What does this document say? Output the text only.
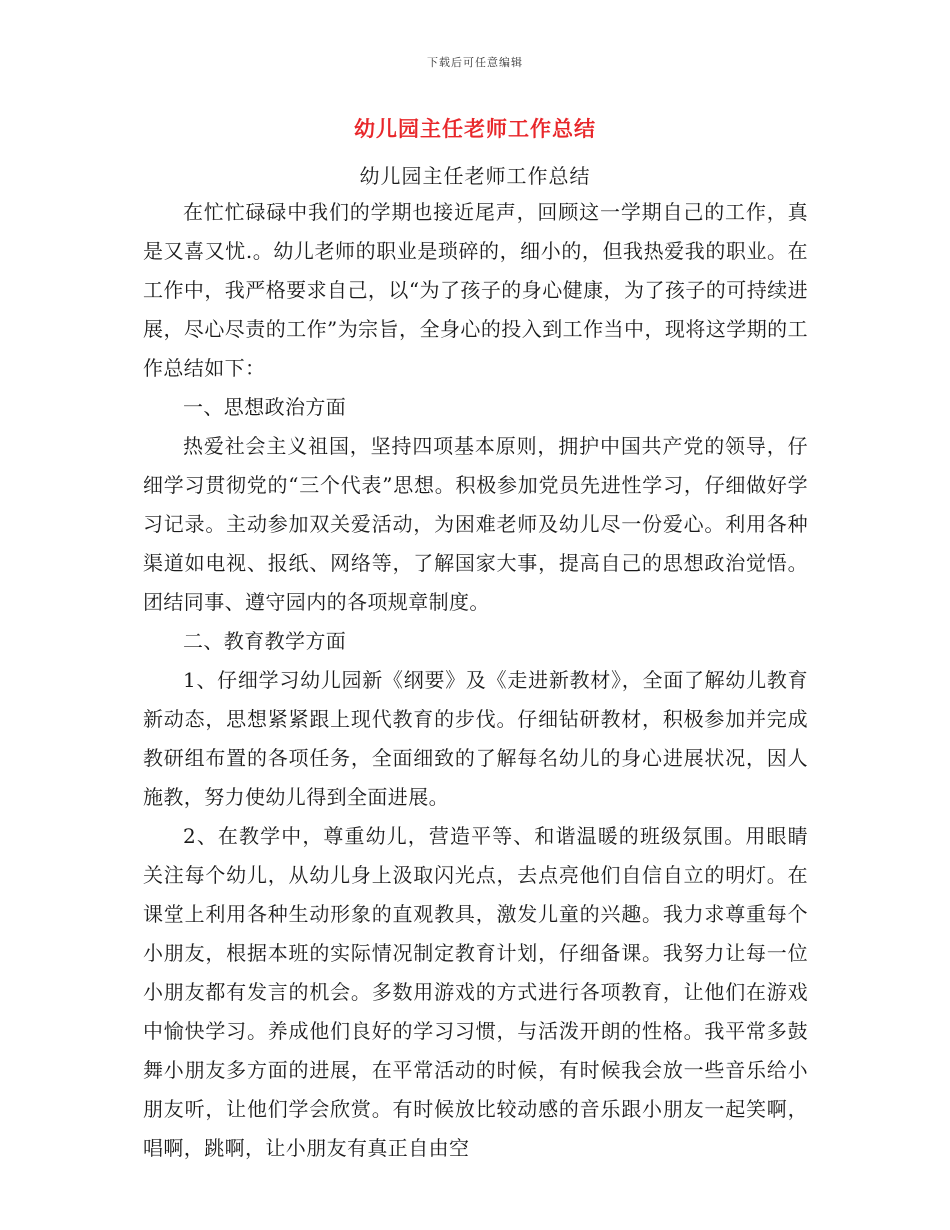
下载后可任意编辑
幼儿园主任老师工作总结
幼儿园主任老师工作总结

在忙忙碌碌中我们的学期也接近尾声，回顾这一学期自己的工作，真是又喜又忧.。幼儿老师的职业是琐碎的，细小的，但我热爱我的职业。在工作中，我严格要求自己，以“为了孩子的身心健康，为了孩子的可持续进展，尽心尽责的工作”为宗旨，全身心的投入到工作当中，现将这学期的工作总结如下：

一、思想政治方面

热爱社会主义祖国，坚持四项基本原则，拥护中国共产党的领导，仔细学习贯彻党的“三个代表”思想。积极参加党员先进性学习，仔细做好学习记录。主动参加双关爱活动，为困难老师及幼儿尽一份爱心。利用各种渠道如电视、报纸、网络等，了解国家大事，提高自己的思想政治觉悟。团结同事、遵守园内的各项规章制度。

二、教育教学方面

1、仔细学习幼儿园新《纲要》及《走进新教材》，全面了解幼儿教育新动态，思想紧紧跟上现代教育的步伐。仔细钻研教材，积极参加并完成教研组布置的各项任务，全面细致的了解每名幼儿的身心进展状况，因人施教，努力使幼儿得到全面进展。

2、在教学中，尊重幼儿，营造平等、和谐温暖的班级氛围。用眼睛关注每个幼儿，从幼儿身上汲取闪光点，去点亮他们自信自立的明灯。在课堂上利用各种生动形象的直观教具，激发儿童的兴趣。我力求尊重每个小朋友，根据本班的实际情况制定教育计划，仔细备课。我努力让每一位小朋友都有发言的机会。多数用游戏的方式进行各项教育，让他们在游戏中愉快学习。养成他们良好的学习习惯，与活泼开朗的性格。我平常多鼓舞小朋友多方面的进展，在平常活动的时候，有时候我会放一些音乐给小朋友听，让他们学会欣赏。有时候放比较动感的音乐跟小朋友一起笑啊，唱啊，跳啊，让小朋友有真正自由空
